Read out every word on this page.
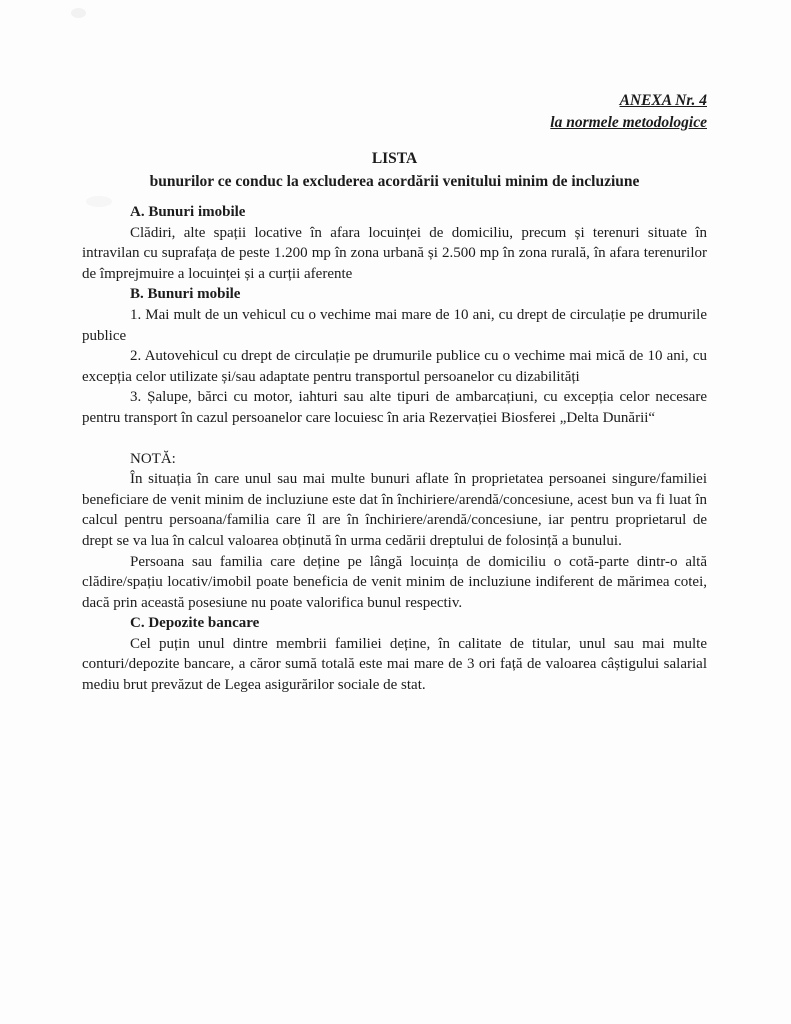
ANEXA Nr. 4
la normele metodologice
LISTA
bunurilor ce conduc la excluderea acordării venitului minim de incluziune

A. Bunuri imobile

Clădiri, alte spații locative în afara locuinței de domiciliu, precum și terenuri situate în intravilan cu suprafața de peste 1.200 mp în zona urbană și 2.500 mp în zona rurală, în afara terenurilor de împrejmuire a locuinței și a curții aferente

B. Bunuri mobile

1. Mai mult de un vehicul cu o vechime mai mare de 10 ani, cu drept de circulație pe drumurile publice

2. Autovehicul cu drept de circulație pe drumurile publice cu o vechime mai mică de 10 ani, cu excepția celor utilizate și/sau adaptate pentru transportul persoanelor cu dizabilități

3. Șalupe, bărci cu motor, iahturi sau alte tipuri de ambarcațiuni, cu excepția celor necesare pentru transport în cazul persoanelor care locuiesc în aria Rezervației Biosferei „Delta Dunării“

NOTĂ:

În situația în care unul sau mai multe bunuri aflate în proprietatea persoanei singure/familiei beneficiare de venit minim de incluziune este dat în închiriere/arendă/concesiune, acest bun va fi luat în calcul pentru persoana/familia care îl are în închiriere/arendă/concesiune, iar pentru proprietarul de drept se va lua în calcul valoarea obținută în urma cedării dreptului de folosință a bunului.

Persoana sau familia care deține pe lângă locuința de domiciliu o cotă-parte dintr-o altă clădire/spațiu locativ/imobil poate beneficia de venit minim de incluziune indiferent de mărimea cotei, dacă prin această posesiune nu poate valorifica bunul respectiv.

C. Depozite bancare

Cel puțin unul dintre membrii familiei deține, în calitate de titular, unul sau mai multe conturi/depozite bancare, a căror sumă totală este mai mare de 3 ori față de valoarea câștigului salarial mediu brut prevăzut de Legea asigurărilor sociale de stat.
